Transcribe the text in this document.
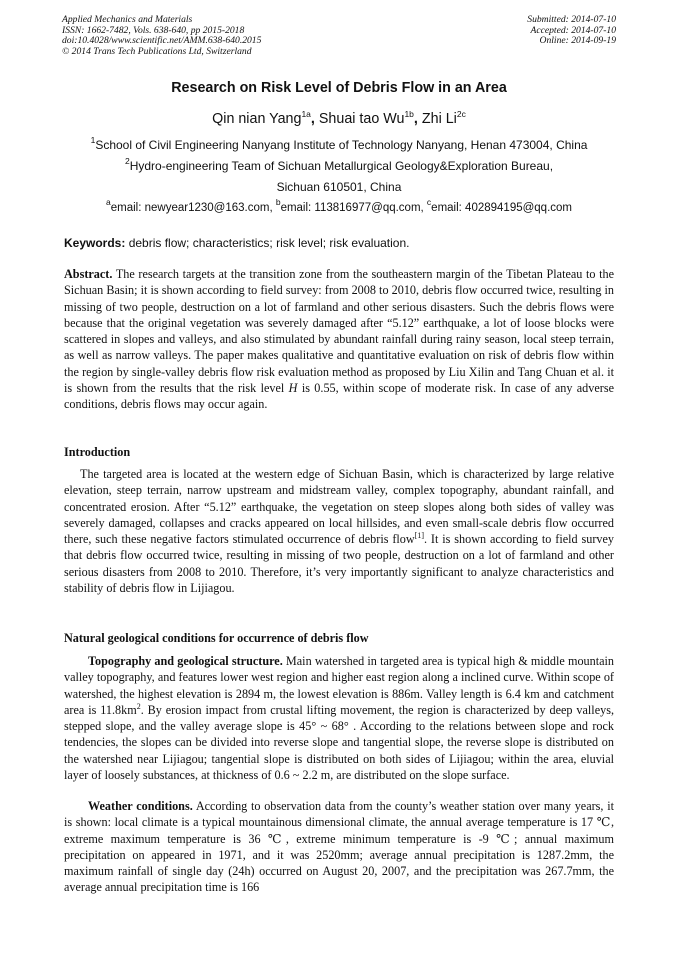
Applied Mechanics and Materials
ISSN: 1662-7482, Vols. 638-640, pp 2015-2018
doi:10.4028/www.scientific.net/AMM.638-640.2015
© 2014 Trans Tech Publications Ltd, Switzerland
Submitted: 2014-07-10
Accepted: 2014-07-10
Online: 2014-09-19
Research on Risk Level of Debris Flow in an Area
Qin nian Yang$^{1a}$, Shuai tao $Wu^{1b}$, Zhi $Li^{2c}$
$^1$School of Civil Engineering Nanyang Institute of Technology Nanyang, Henan 473004, China
$^2$Hydro-engineering Team of Sichuan Metallurgical Geology&Exploration Bureau,
Sichuan 610501, China
$^a$email: newyear1230@163.com, $^b$email: 113816977@qq.com, $^c$email: 402894195@qq.com
Keywords: debris flow; characteristics; risk level; risk evaluation.

Abstract. The research targets at the transition zone from the southeastern margin of the Tibetan Plateau to the Sichuan Basin; it is shown according to field survey: from 2008 to 2010, debris flow occurred twice, resulting in missing of two people, destruction on a lot of farmland and other serious disasters. Such the debris flows were because that the original vegetation was severely damaged after “5.12” earthquake, a lot of loose blocks were scattered in slopes and valleys, and also stimulated by abundant rainfall during rainy season, local steep terrain, as well as narrow valleys. The paper makes qualitative and quantitative evaluation on risk of debris flow within the region by single-valley debris flow risk evaluation method as proposed by Liu Xilin and Tang Chuan et al. it is shown from the results that the risk level H is 0.55, within scope of moderate risk. In case of any adverse conditions, debris flows may occur again.

Introduction

The targeted area is located at the western edge of Sichuan Basin, which is characterized by large relative elevation, steep terrain, narrow upstream and midstream valley, complex topography, abundant rainfall, and concentrated erosion. After “5.12” earthquake, the vegetation on steep slopes along both sides of valley was severely damaged, collapses and cracks appeared on local hillsides, and even small-scale debris flow occurred there, such these negative factors stimulated occurrence of debris flow[1]. It is shown according to field survey that debris flow occurred twice, resulting in missing of two people, destruction on a lot of farmland and other serious disasters from 2008 to 2010. Therefore, it’s very importantly significant to analyze characteristics and stability of debris flow in Lijiagou.

Natural geological conditions for occurrence of debris flow

Topography and geological structure. Main watershed in targeted area is typical high & middle mountain valley topography, and features lower west region and higher east region along a inclined curve. Within scope of watershed, the highest elevation is 2894 m, the lowest elevation is 886m. Valley length is 6.4 km and catchment area is $11.8km^2$. By erosion impact from crustal lifting movement, the region is characterized by deep valleys, stepped slope, and the valley average slope is 45° ~ 68° . According to the relations between slope and rock tendencies, the slopes can be divided into reverse slope and tangential slope, the reverse slope is distributed on the watershed near Lijiagou; tangential slope is distributed on both sides of Lijiagou; within the area, eluvial layer of loosely substances, at thickness of 0.6 ~ 2.2 m, are distributed on the slope surface.

Weather conditions. According to observation data from the county’s weather station over many years, it is shown: local climate is a typical mountainous dimensional climate, the annual average temperature is 17 ℃, extreme maximum temperature is 36 ℃, extreme minimum temperature is -9 ℃; annual maximum precipitation on appeared in 1971, and it was 2520mm; average annual precipitation is 1287.2mm, the maximum rainfall of single day (24h) occurred on August 20, 2007, and the precipitation was 267.7mm, the average annual precipitation time is 166
